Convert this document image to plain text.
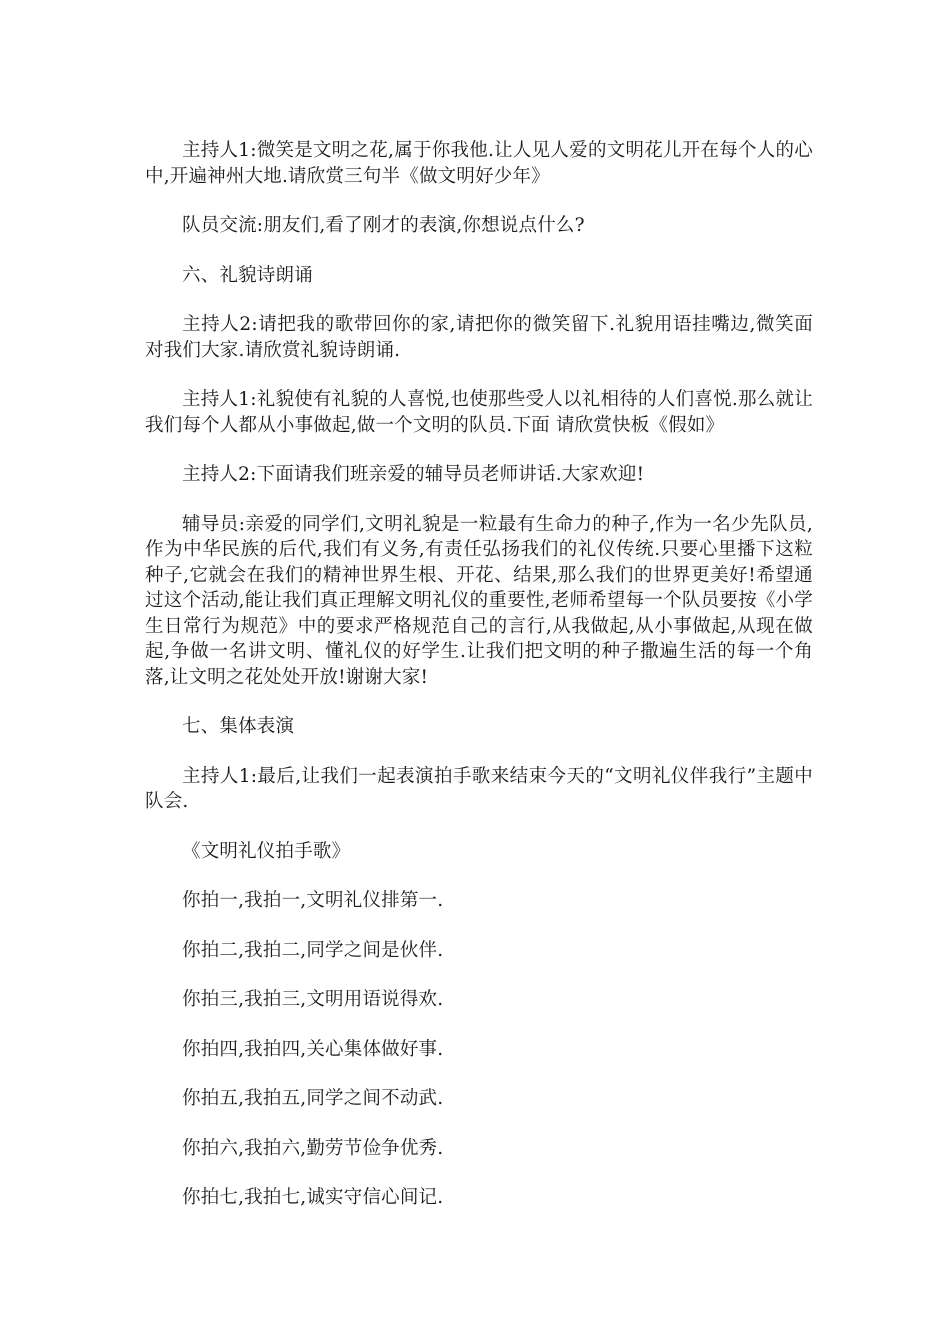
主持人1:微笑是文明之花,属于你我他.让人见人爱的文明花儿开在每个人的心中,开遍神州大地.请欣赏三句半《做文明好少年》

队员交流:朋友们,看了刚才的表演,你想说点什么?

六、礼貌诗朗诵

主持人2:请把我的歌带回你的家,请把你的微笑留下.礼貌用语挂嘴边,微笑面对我们大家.请欣赏礼貌诗朗诵.

主持人1:礼貌使有礼貌的人喜悦,也使那些受人以礼相待的人们喜悦.那么就让我们每个人都从小事做起,做一个文明的队员.下面 请欣赏快板《假如》

主持人2:下面请我们班亲爱的辅导员老师讲话.大家欢迎!

辅导员:亲爱的同学们,文明礼貌是一粒最有生命力的种子,作为一名少先队员,作为中华民族的后代,我们有义务,有责任弘扬我们的礼仪传统.只要心里播下这粒种子,它就会在我们的精神世界生根、开花、结果,那么我们的世界更美好!希望通过这个活动,能让我们真正理解文明礼仪的重要性,老师希望每一个队员要按《小学生日常行为规范》中的要求严格规范自己的言行,从我做起,从小事做起,从现在做起,争做一名讲文明、懂礼仪的好学生.让我们把文明的种子撒遍生活的每一个角落,让文明之花处处开放!谢谢大家!

七、集体表演

主持人1:最后,让我们一起表演拍手歌来结束今天的“文明礼仪伴我行”主题中队会.

《文明礼仪拍手歌》

你拍一,我拍一,文明礼仪排第一.

你拍二,我拍二,同学之间是伙伴.

你拍三,我拍三,文明用语说得欢.

你拍四,我拍四,关心集体做好事.

你拍五,我拍五,同学之间不动武.

你拍六,我拍六,勤劳节俭争优秀.

你拍七,我拍七,诚实守信心间记.
